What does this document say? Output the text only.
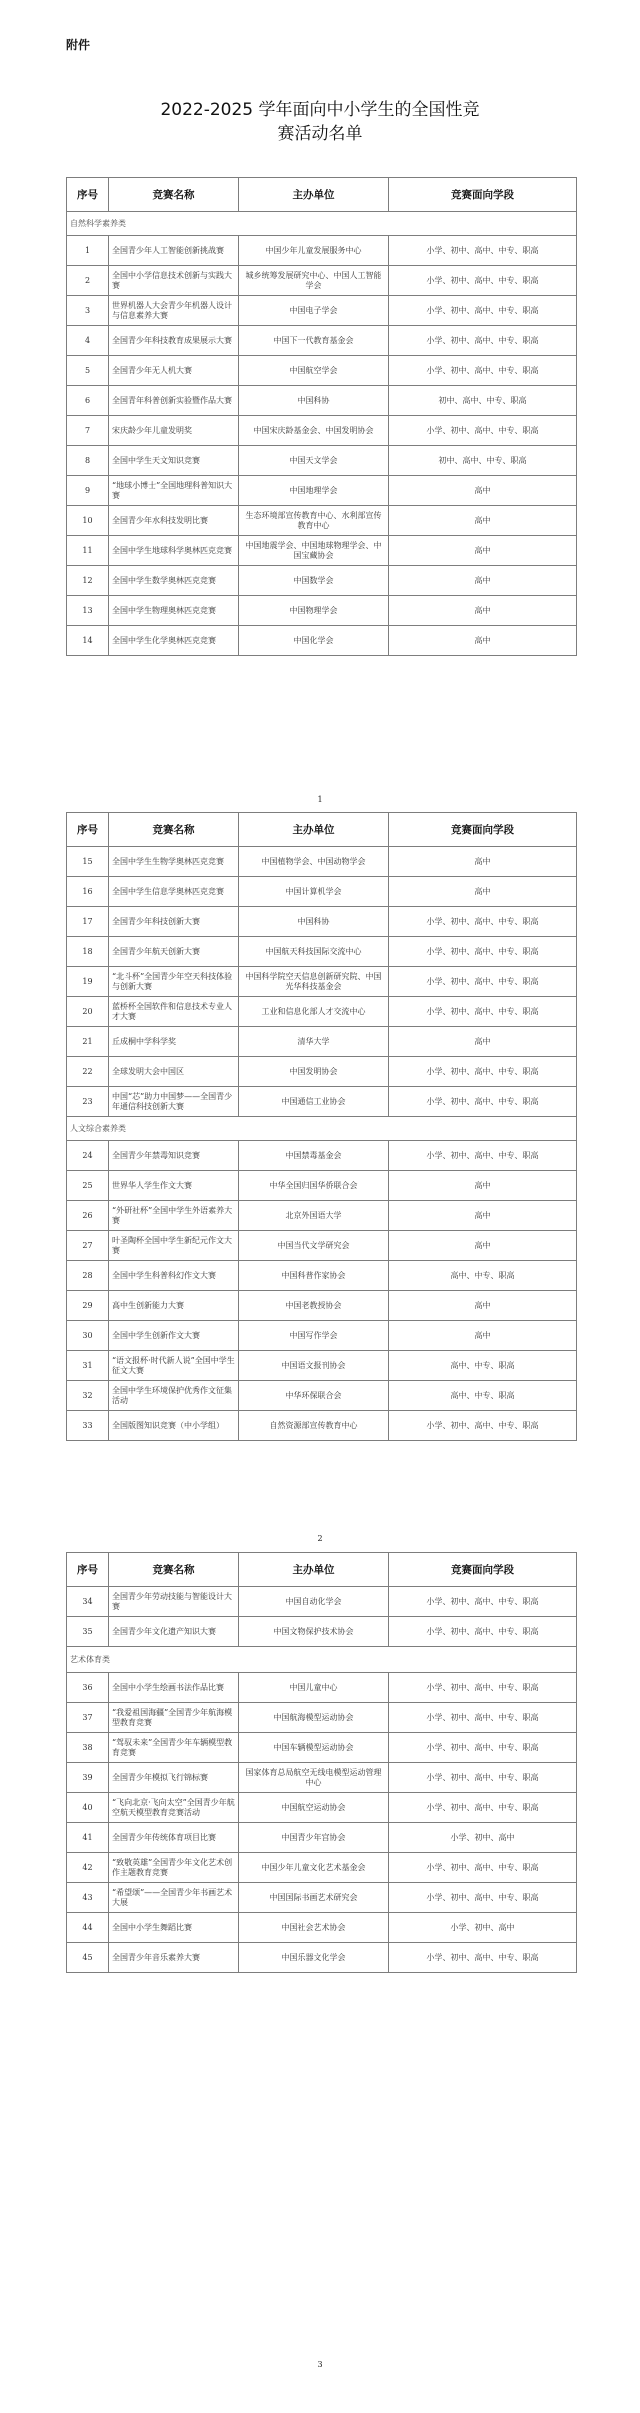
附件
2022-2025 学年面向中小学生的全国性竞
赛活动名单
序号	竞赛名称	主办单位	竞赛面向学段
自然科学素养类			
1	全国青少年人工智能创新挑战赛	中国少年儿童发展服务中心	小学、初中、高中、中专、职高
2	全国中小学信息技术创新与实践大赛	城乡统筹发展研究中心、中国人工智能学会	小学、初中、高中、中专、职高
3	世界机器人大会青少年机器人设计与信息素养大赛	中国电子学会	小学、初中、高中、中专、职高
4	全国青少年科技教育成果展示大赛	中国下一代教育基金会	小学、初中、高中、中专、职高
5	全国青少年无人机大赛	中国航空学会	小学、初中、高中、中专、职高
6	全国青年科普创新实验暨作品大赛	中国科协	初中、高中、中专、职高
7	宋庆龄少年儿童发明奖	中国宋庆龄基金会、中国发明协会	小学、初中、高中、中专、职高
8	全国中学生天文知识竞赛	中国天文学会	初中、高中、中专、职高
9	“地球小博士”全国地理科普知识大赛	中国地理学会	高中
10	全国青少年水科技发明比赛	生态环境部宣传教育中心、水利部宣传教育中心	高中
11	全国中学生地球科学奥林匹克竞赛	中国地震学会、中国地球物理学会、中国宝藏协会	高中
12	全国中学生数学奥林匹克竞赛	中国数学会	高中
13	全国中学生物理奥林匹克竞赛	中国物理学会	高中
14	全国中学生化学奥林匹克竞赛	中国化学会	高中
1
序号	竞赛名称	主办单位	竞赛面向学段
15	全国中学生生物学奥林匹克竞赛	中国植物学会、中国动物学会	高中
16	全国中学生信息学奥林匹克竞赛	中国计算机学会	高中
17	全国青少年科技创新大赛	中国科协	小学、初中、高中、中专、职高
18	全国青少年航天创新大赛	中国航天科技国际交流中心	小学、初中、高中、中专、职高
19	“北斗杯”全国青少年空天科技体验与创新大赛	中国科学院空天信息创新研究院、中国光华科技基金会	小学、初中、高中、中专、职高
20	蓝桥杯全国软件和信息技术专业人才大赛	工业和信息化部人才交流中心	小学、初中、高中、中专、职高
21	丘成桐中学科学奖	清华大学	高中
22	全球发明大会中国区	中国发明协会	小学、初中、高中、中专、职高
23	中国“芯”助力中国梦——全国青少年通信科技创新大赛	中国通信工业协会	小学、初中、高中、中专、职高
人文综合素养类			
24	全国青少年禁毒知识竞赛	中国禁毒基金会	小学、初中、高中、中专、职高
25	世界华人学生作文大赛	中华全国归国华侨联合会	高中
26	“外研社杯”全国中学生外语素养大赛	北京外国语大学	高中
27	叶圣陶杯全国中学生新纪元作文大赛	中国当代文学研究会	高中
28	全国中学生科普科幻作文大赛	中国科普作家协会	高中、中专、职高
29	高中生创新能力大赛	中国老教授协会	高中
30	全国中学生创新作文大赛	中国写作学会	高中
31	“语文报杯·时代新人说”全国中学生征文大赛	中国语文报刊协会	高中、中专、职高
32	全国中学生环境保护优秀作文征集活动	中华环保联合会	高中、中专、职高
33	全国版图知识竞赛（中小学组）	自然资源部宣传教育中心	小学、初中、高中、中专、职高
2
序号	竞赛名称	主办单位	竞赛面向学段
34	全国青少年劳动技能与智能设计大赛	中国自动化学会	小学、初中、高中、中专、职高
35	全国青少年文化遗产知识大赛	中国文物保护技术协会	小学、初中、高中、中专、职高
艺术体育类			
36	全国中小学生绘画书法作品比赛	中国儿童中心	小学、初中、高中、中专、职高
37	“我爱祖国海疆”全国青少年航海模型教育竞赛	中国航海模型运动协会	小学、初中、高中、中专、职高
38	“驾驭未来”全国青少年车辆模型教育竞赛	中国车辆模型运动协会	小学、初中、高中、中专、职高
39	全国青少年模拟飞行锦标赛	国家体育总局航空无线电模型运动管理中心	小学、初中、高中、中专、职高
40	“飞向北京·飞向太空”全国青少年航空航天模型教育竞赛活动	中国航空运动协会	小学、初中、高中、中专、职高
41	全国青少年传统体育项目比赛	中国青少年宫协会	小学、初中、高中
42	“致敬英雄”全国青少年文化艺术创作主题教育竞赛	中国少年儿童文化艺术基金会	小学、初中、高中、中专、职高
43	“希望颂”——全国青少年书画艺术大展	中国国际书画艺术研究会	小学、初中、高中、中专、职高
44	全国中小学生舞蹈比赛	中国社会艺术协会	小学、初中、高中
45	全国青少年音乐素养大赛	中国乐器文化学会	小学、初中、高中、中专、职高
3
